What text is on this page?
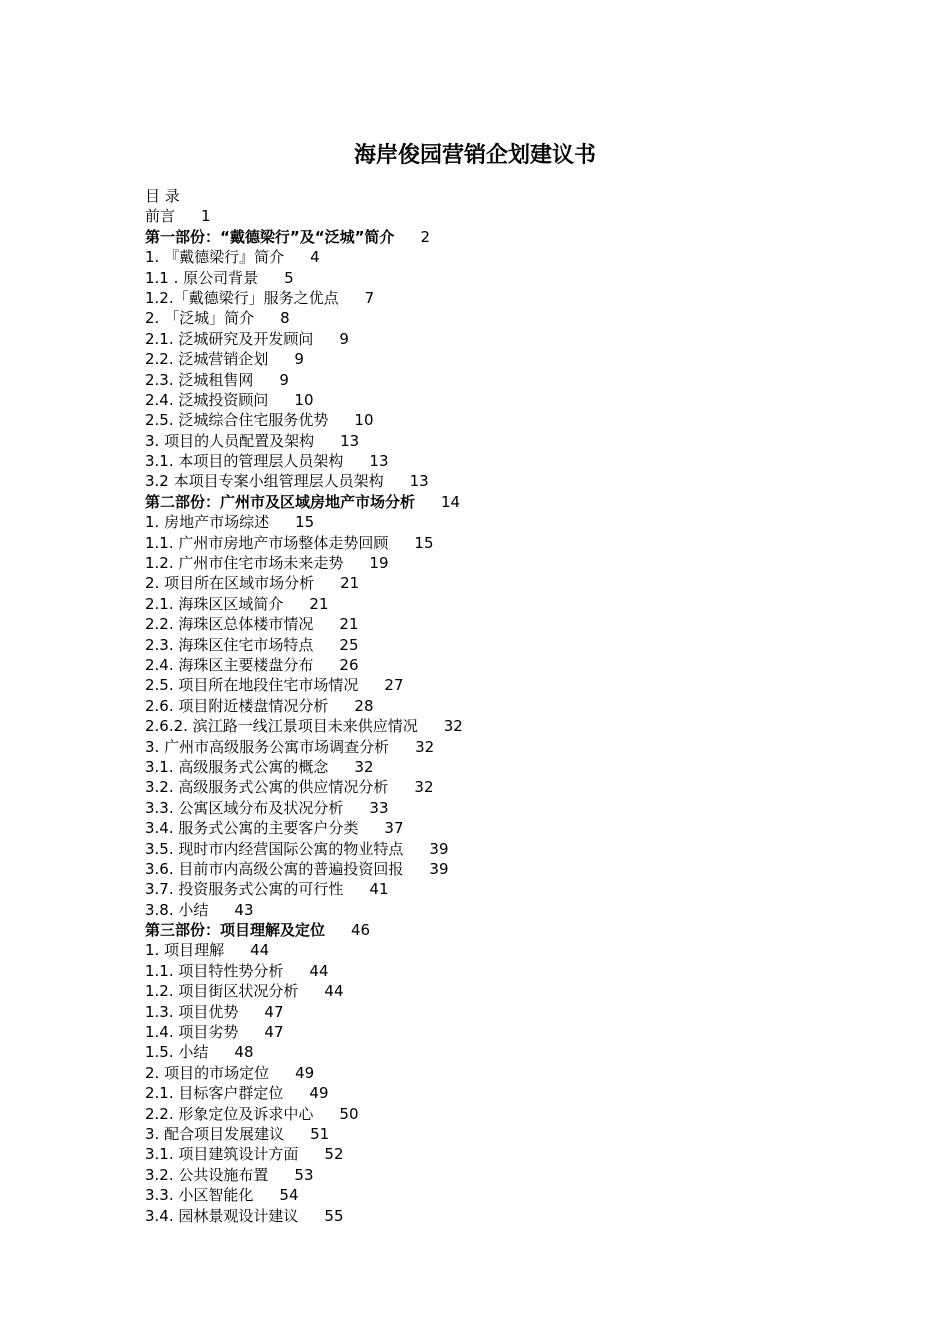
海岸俊园营销企划建议书
目 录
前言 1
第一部份：“戴德梁行”及“泛城”简介 2
1. 『戴德梁行』简介 4
1.1 . 原公司背景 5
1.2.「戴德梁行」服务之优点 7
2. 「泛城」简介 8
2.1. 泛城研究及开发顾问 9
2.2. 泛城营销企划 9
2.3. 泛城租售网 9
2.4. 泛城投资顾问 10
2.5. 泛城综合住宅服务优势 10
3. 项目的人员配置及架构 13
3.1. 本项目的管理层人员架构 13
3.2 本项目专案小组管理层人员架构 13
第二部份：广州市及区域房地产市场分析 14
1. 房地产市场综述 15
1.1. 广州市房地产市场整体走势回顾 15
1.2. 广州市住宅市场未来走势 19
2. 项目所在区域市场分析 21
2.1. 海珠区区域简介 21
2.2. 海珠区总体楼市情况 21
2.3. 海珠区住宅市场特点 25
2.4. 海珠区主要楼盘分布 26
2.5. 项目所在地段住宅市场情况 27
2.6. 项目附近楼盘情况分析 28
2.6.2. 滨江路一线江景项目未来供应情况 32
3. 广州市高级服务公寓市场调查分析 32
3.1. 高级服务式公寓的概念 32
3.2. 高级服务式公寓的供应情况分析 32
3.3. 公寓区域分布及状况分析 33
3.4. 服务式公寓的主要客户分类 37
3.5. 现时市内经营国际公寓的物业特点 39
3.6. 目前市内高级公寓的普遍投资回报 39
3.7. 投资服务式公寓的可行性 41
3.8. 小结 43
第三部份：项目理解及定位 46
1. 项目理解 44
1.1. 项目特性势分析 44
1.2. 项目街区状况分析 44
1.3. 项目优势 47
1.4. 项目劣势 47
1.5. 小结 48
2. 项目的市场定位 49
2.1. 目标客户群定位 49
2.2. 形象定位及诉求中心 50
3. 配合项目发展建议 51
3.1. 项目建筑设计方面 52
3.2. 公共设施布置 53
3.3. 小区智能化 54
3.4. 园林景观设计建议 55
